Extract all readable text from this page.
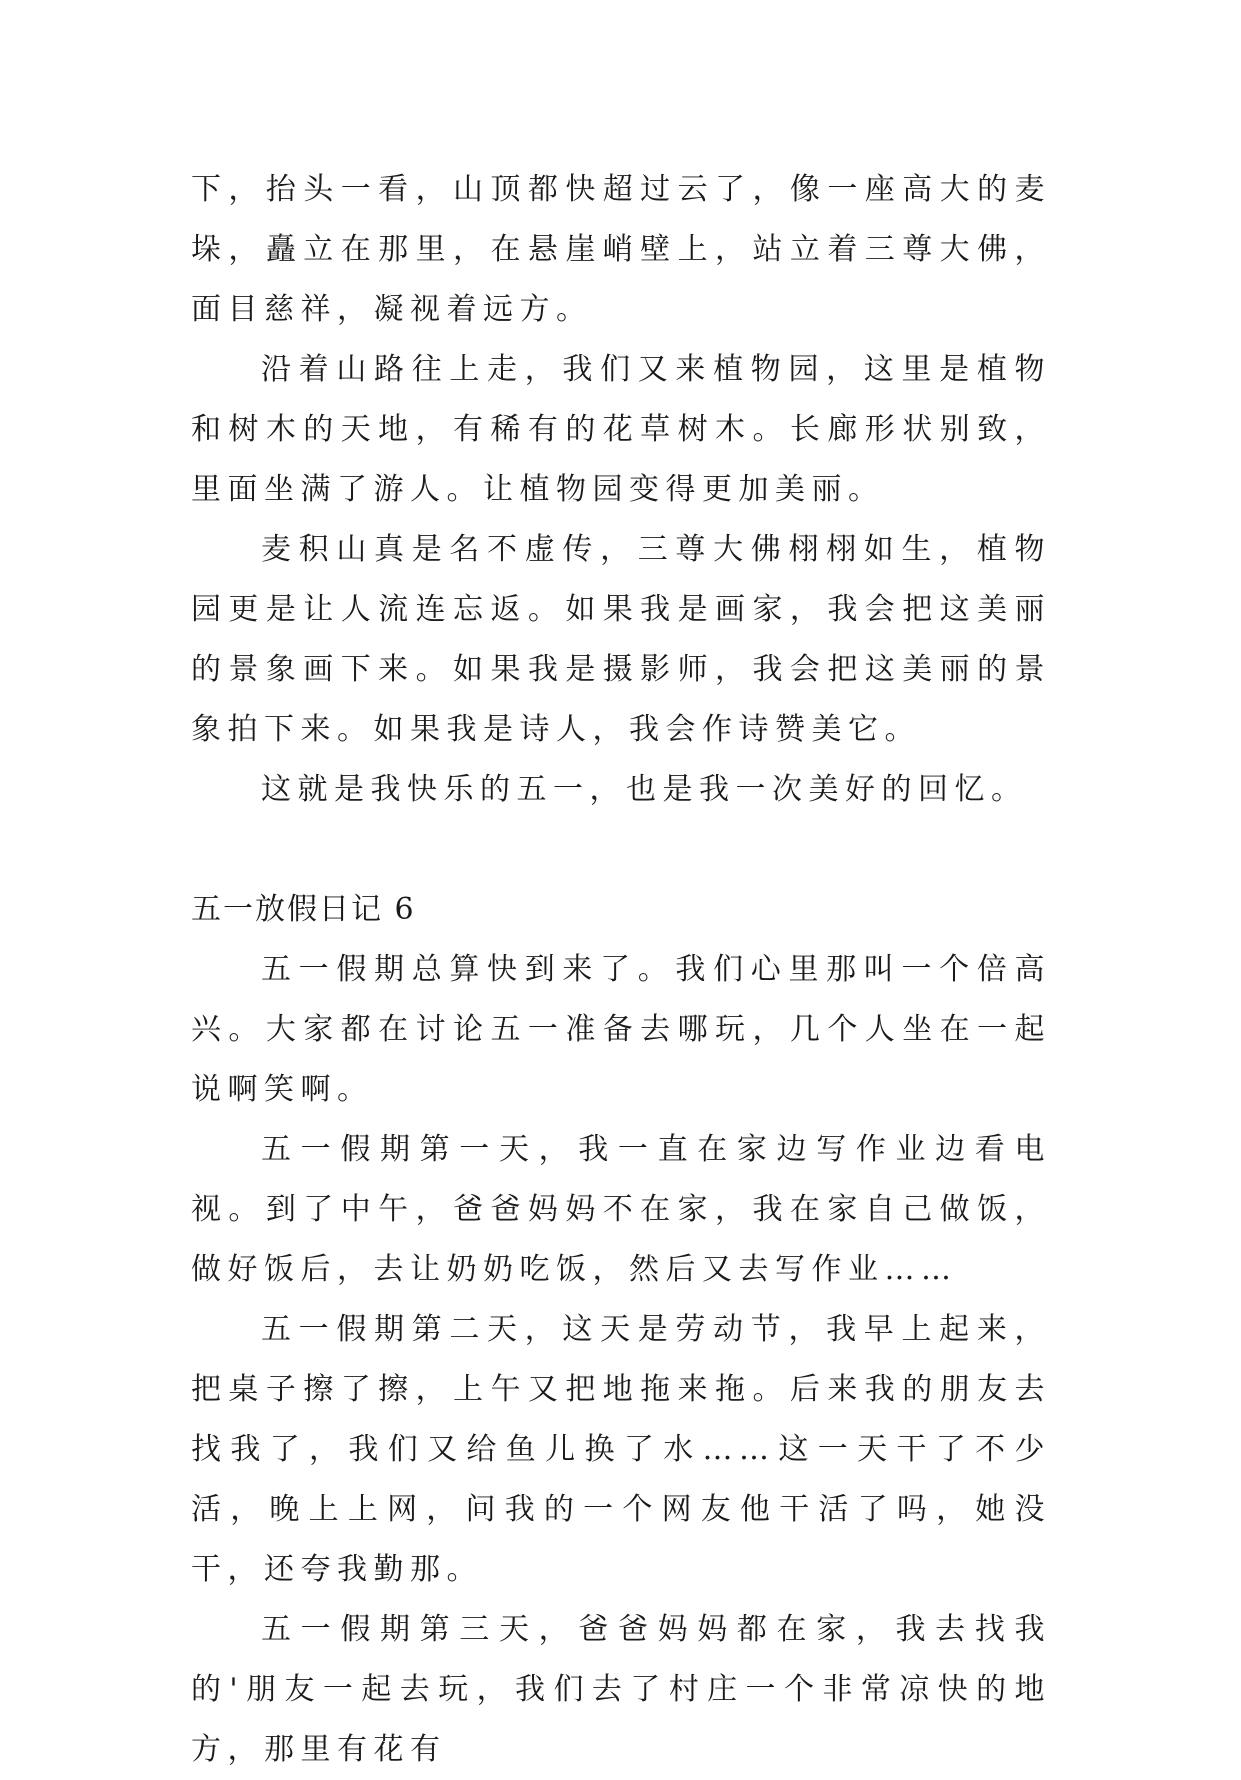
下，抬头一看，山顶都快超过云了，像一座高大的麦垛，矗立在那里，在悬崖峭壁上，站立着三尊大佛，面目慈祥，凝视着远方。

沿着山路往上走，我们又来植物园，这里是植物和树木的天地，有稀有的花草树木。长廊形状别致，里面坐满了游人。让植物园变得更加美丽。

麦积山真是名不虚传，三尊大佛栩栩如生，植物园更是让人流连忘返。如果我是画家，我会把这美丽的景象画下来。如果我是摄影师，我会把这美丽的景象拍下来。如果我是诗人，我会作诗赞美它。

这就是我快乐的五一，也是我一次美好的回忆。

五一放假日记 6

五一假期总算快到来了。我们心里那叫一个倍高兴。大家都在讨论五一准备去哪玩，几个人坐在一起说啊笑啊。

五一假期第一天，我一直在家边写作业边看电视。到了中午，爸爸妈妈不在家，我在家自己做饭，做好饭后，去让奶奶吃饭，然后又去写作业……

五一假期第二天，这天是劳动节，我早上起来，把桌子擦了擦，上午又把地拖来拖。后来我的朋友去找我了，我们又给鱼儿换了水……这一天干了不少活，晚上上网，问我的一个网友他干活了吗，她没干，还夸我勤那。

五一假期第三天，爸爸妈妈都在家，我去找我的'朋友一起去玩，我们去了村庄一个非常凉快的地方，那里有花有
